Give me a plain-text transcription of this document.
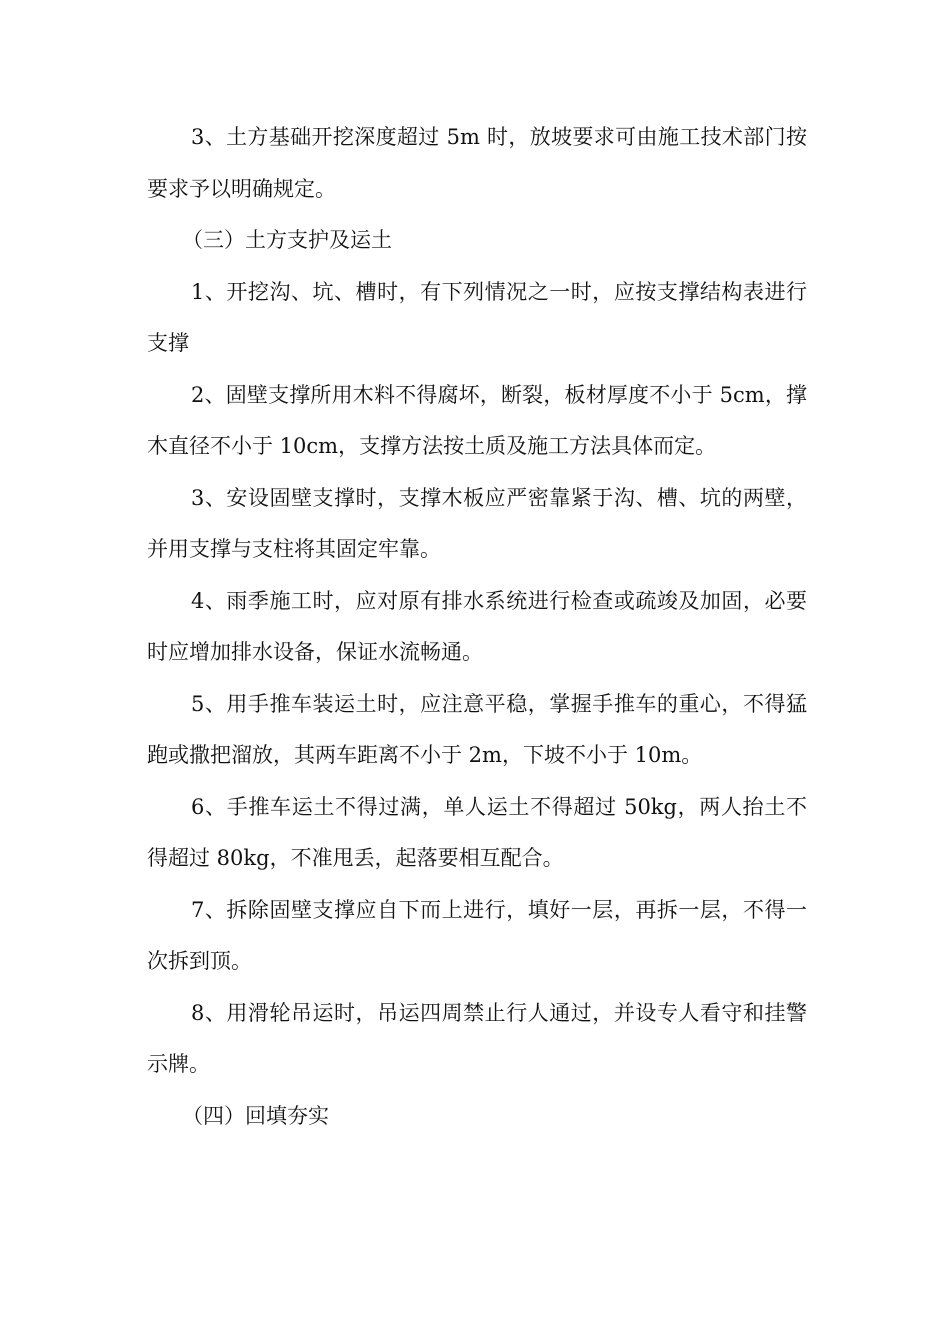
3、土方基础开挖深度超过 5m 时，放坡要求可由施工技术部门按要求予以明确规定。

（三）土方支护及运土

1、开挖沟、坑、槽时，有下列情况之一时，应按支撑结构表进行支撑

2、固壁支撑所用木料不得腐坏，断裂，板材厚度不小于 5cm，撑木直径不小于 10cm，支撑方法按土质及施工方法具体而定。

3、安设固壁支撑时，支撑木板应严密靠紧于沟、槽、坑的两壁，并用支撑与支柱将其固定牢靠。

4、雨季施工时，应对原有排水系统进行检查或疏竣及加固，必要时应增加排水设备，保证水流畅通。

5、用手推车装运土时，应注意平稳，掌握手推车的重心，不得猛跑或撒把溜放，其两车距离不小于 2m，下坡不小于 10m。

6、手推车运土不得过满，单人运土不得超过 50kg，两人抬土不得超过 80kg，不准甩丢，起落要相互配合。

7、拆除固壁支撑应自下而上进行，填好一层，再拆一层，不得一次拆到顶。

8、用滑轮吊运时，吊运四周禁止行人通过，并设专人看守和挂警示牌。

（四）回填夯实
